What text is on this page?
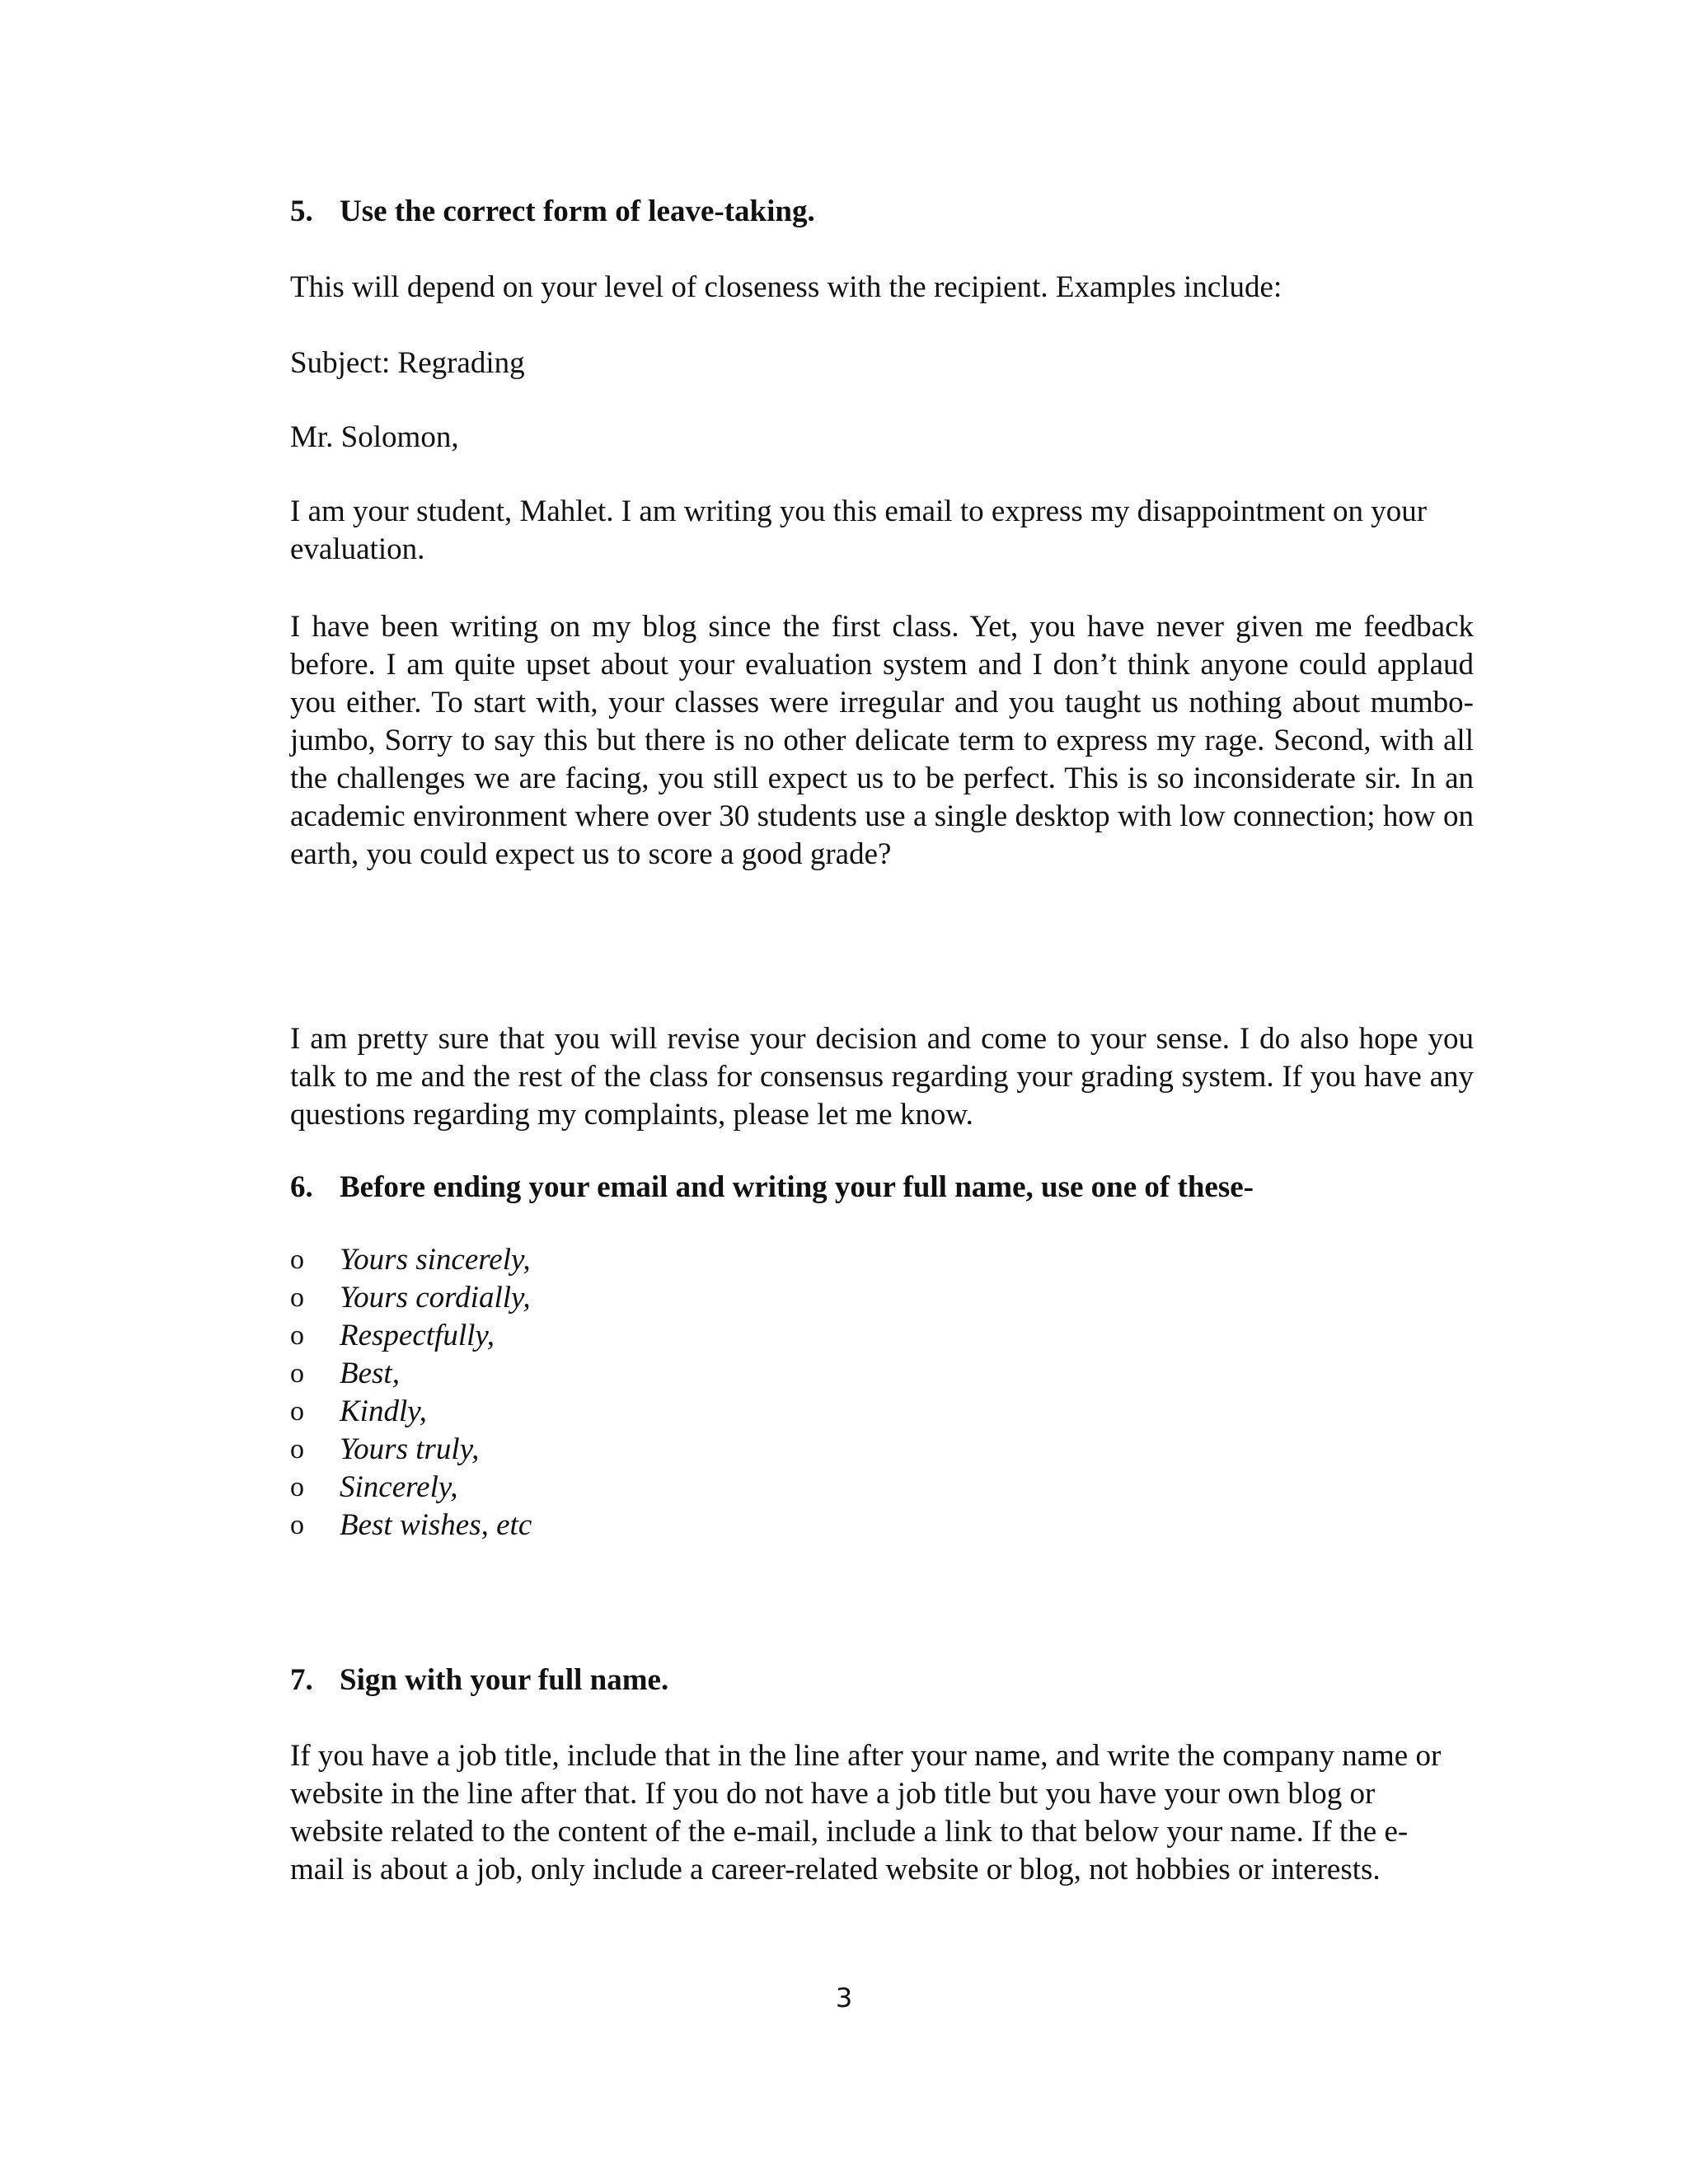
5. Use the correct form of leave-taking.

This will depend on your level of closeness with the recipient. Examples include:

Subject: Regrading

Mr. Solomon,

I am your student, Mahlet. I am writing you this email to express my disappointment on your evaluation.

I have been writing on my blog since the first class. Yet, you have never given me feedback before. I am quite upset about your evaluation system and I don’t think anyone could applaud you either. To start with, your classes were irregular and you taught us nothing about mumbo-jumbo, Sorry to say this but there is no other delicate term to express my rage. Second, with all the challenges we are facing, you still expect us to be perfect. This is so inconsiderate sir. In an academic environment where over 30 students use a single desktop with low connection; how on earth, you could expect us to score a good grade?

I am pretty sure that you will revise your decision and come to your sense. I do also hope you talk to me and the rest of the class for consensus regarding your grading system. If you have any questions regarding my complaints, please let me know.

6. Before ending your email and writing your full name, use one of these-
o	Yours sincerely,
o	Yours cordially,
o	Respectfully,
o	Best,
o	Kindly,
o	Yours truly,
o	Sincerely,
o	Best wishes, etc
7. Sign with your full name.

If you have a job title, include that in the line after your name, and write the company name or website in the line after that. If you do not have a job title but you have your own blog or website related to the content of the e-mail, include a link to that below your name. If the e-mail is about a job, only include a career-related website or blog, not hobbies or interests.

3
